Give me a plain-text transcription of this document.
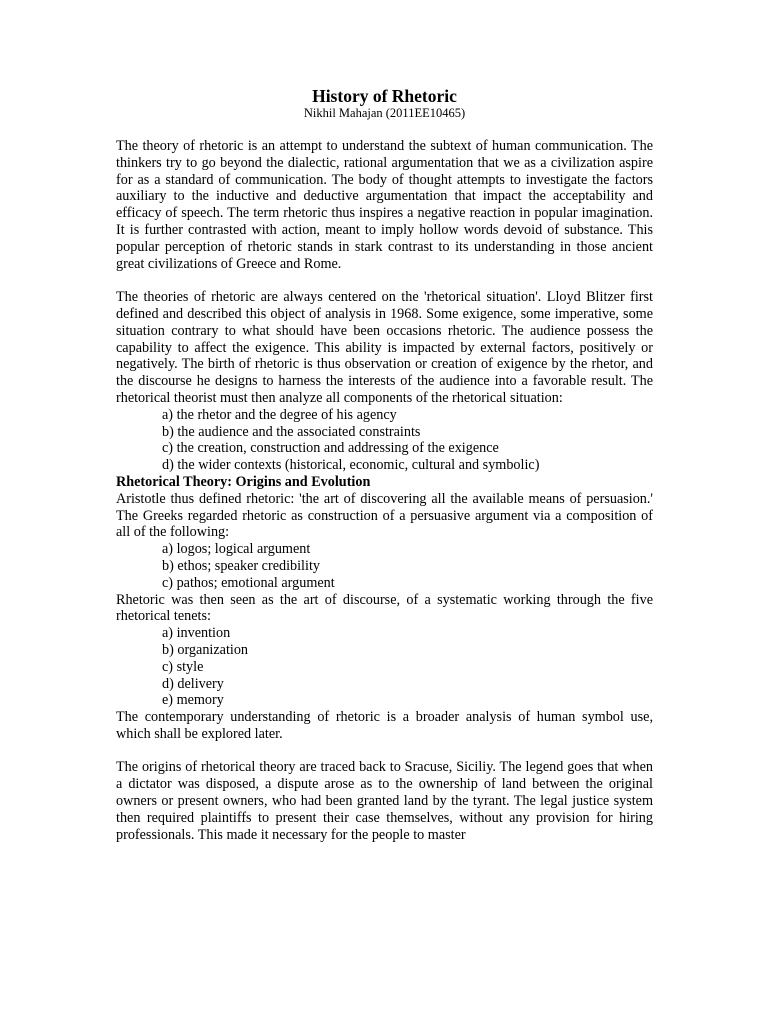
History of Rhetoric
Nikhil Mahajan (2011EE10465)

The theory of rhetoric is an attempt to understand the subtext of human communication. The thinkers try to go beyond the dialectic, rational argumentation that we as a civilization aspire for as a standard of communication. The body of thought attempts to investigate the factors auxiliary to the inductive and deductive argumentation that impact the acceptability and efficacy of speech. The term rhetoric thus inspires a negative reaction in popular imagination. It is further contrasted with action, meant to imply hollow words devoid of substance. This popular perception of rhetoric stands in stark contrast to its understanding in those ancient great civilizations of Greece and Rome.

The theories of rhetoric are always centered on the 'rhetorical situation'. Lloyd Blitzer first defined and described this object of analysis in 1968. Some exigence, some imperative, some situation contrary to what should have been occasions rhetoric. The audience possess the capability to affect the exigence. This ability is impacted by external factors, positively or negatively. The birth of rhetoric is thus observation or creation of exigence by the rhetor, and the discourse he designs to harness the interests of the audience into a favorable result. The rhetorical theorist must then analyze all components of the rhetorical situation:

a) the rhetor and the degree of his agency
b) the audience and the associated constraints
c) the creation, construction and addressing of the exigence
d) the wider contexts (historical, economic, cultural and symbolic)
Rhetorical Theory: Origins and Evolution

Aristotle thus defined rhetoric: 'the art of discovering all the available means of persuasion.' The Greeks regarded rhetoric as construction of a persuasive argument via a composition of all of the following:

a) logos; logical argument
b) ethos; speaker credibility
c) pathos; emotional argument

Rhetoric was then seen as the art of discourse, of a systematic working through the five rhetorical tenets:

a) invention
b) organization
c) style
d) delivery
e) memory

The contemporary understanding of rhetoric is a broader analysis of human symbol use, which shall be explored later.

The origins of rhetorical theory are traced back to Sracuse, Siciliy. The legend goes that when a dictator was disposed, a dispute arose as to the ownership of land between the original owners or present owners, who had been granted land by the tyrant. The legal justice system then required plaintiffs to present their case themselves, without any provision for hiring professionals. This made it necessary for the people to master
